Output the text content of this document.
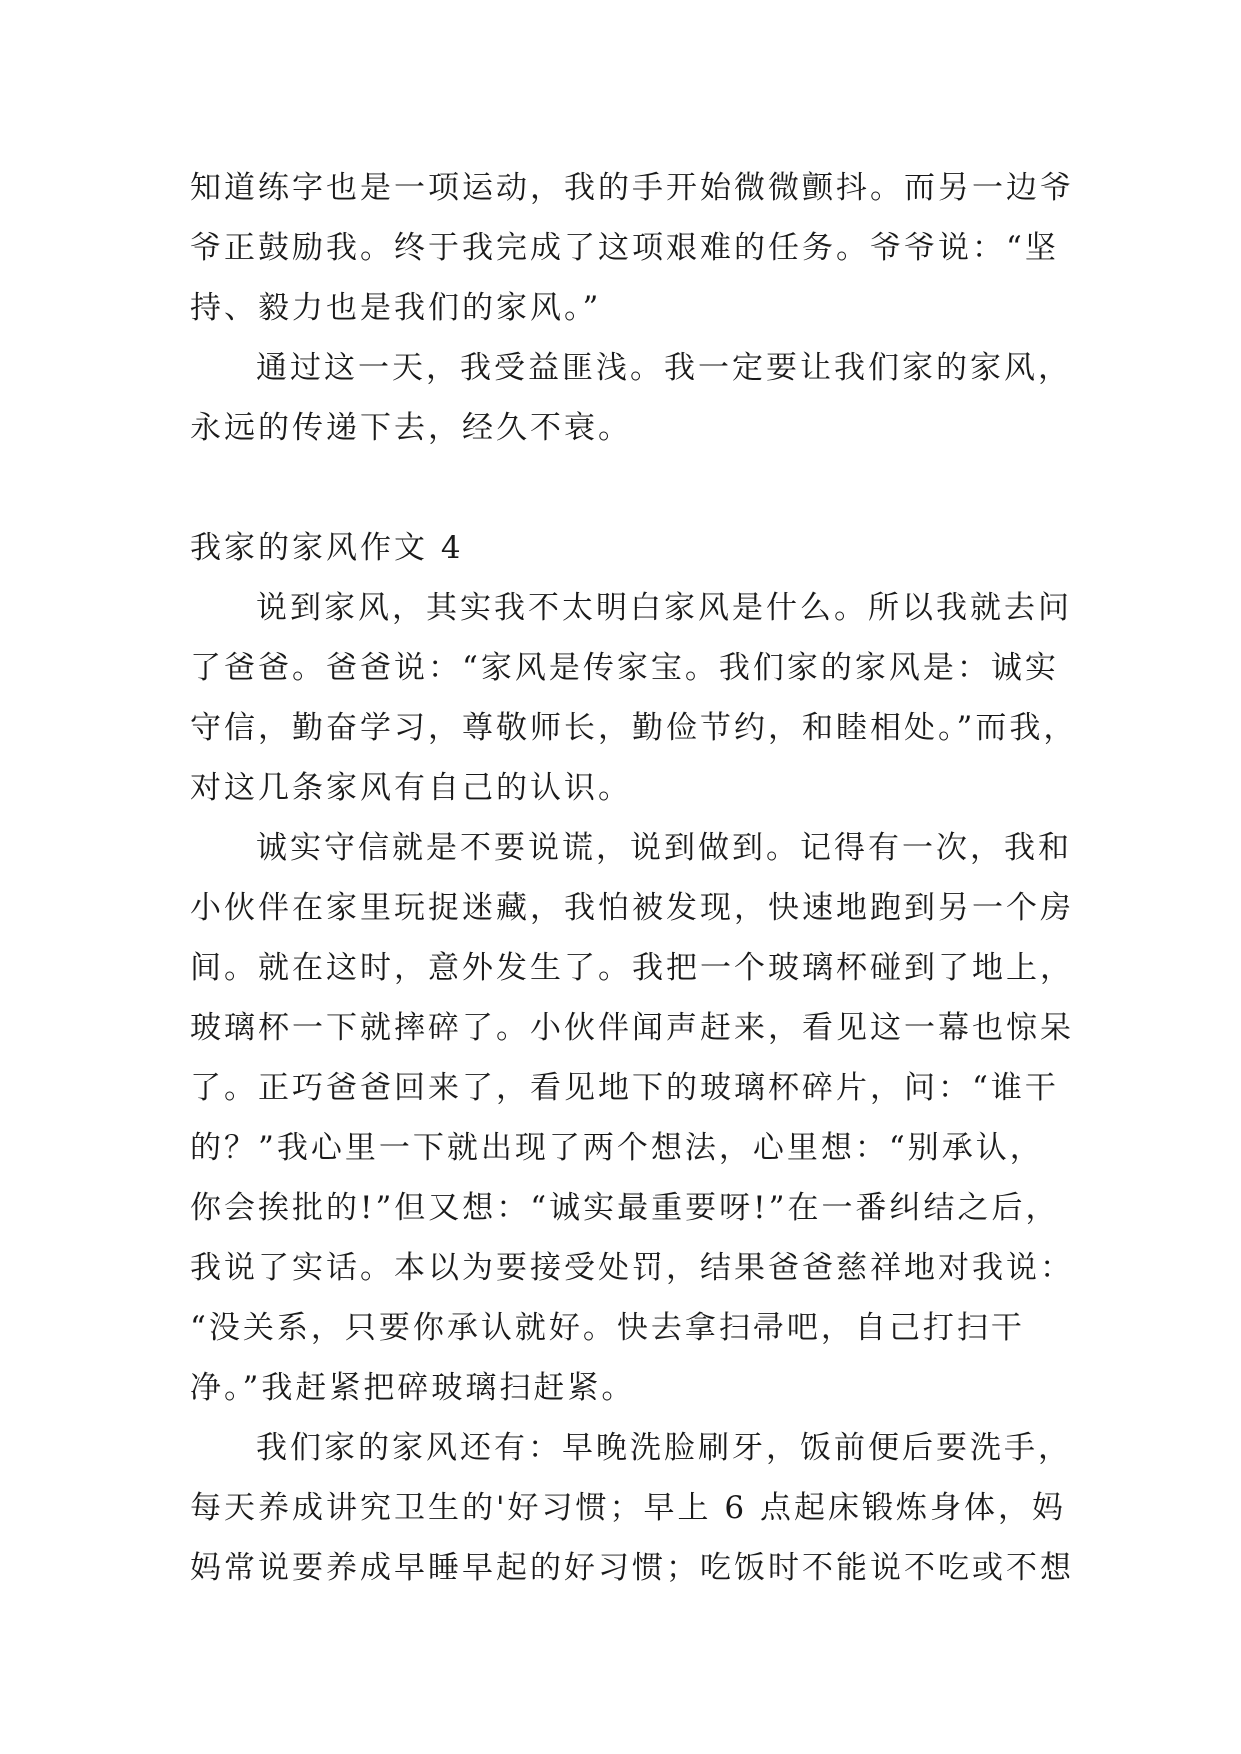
知道练字也是一项运动，我的手开始微微颤抖。而另一边爷
爷正鼓励我。终于我完成了这项艰难的任务。爷爷说：“坚
持、毅力也是我们的家风。”
通过这一天，我受益匪浅。我一定要让我们家的家风，
永远的传递下去，经久不衰。
我家的家风作文 4
说到家风，其实我不太明白家风是什么。所以我就去问
了爸爸。爸爸说：“家风是传家宝。我们家的家风是：诚实
守信，勤奋学习，尊敬师长，勤俭节约，和睦相处。”而我，
对这几条家风有自己的认识。
诚实守信就是不要说谎，说到做到。记得有一次，我和
小伙伴在家里玩捉迷藏，我怕被发现，快速地跑到另一个房
间。就在这时，意外发生了。我把一个玻璃杯碰到了地上，
玻璃杯一下就摔碎了。小伙伴闻声赶来，看见这一幕也惊呆
了。正巧爸爸回来了，看见地下的玻璃杯碎片，问：“谁干
的？”我心里一下就出现了两个想法，心里想：“别承认，
你会挨批的!”但又想：“诚实最重要呀!”在一番纠结之后，
我说了实话。本以为要接受处罚，结果爸爸慈祥地对我说：
“没关系，只要你承认就好。快去拿扫帚吧，自己打扫干
净。”我赶紧把碎玻璃扫赶紧。
我们家的家风还有：早晚洗脸刷牙，饭前便后要洗手，
每天养成讲究卫生的'好习惯；早上 6 点起床锻炼身体，妈
妈常说要养成早睡早起的好习惯；吃饭时不能说不吃或不想
